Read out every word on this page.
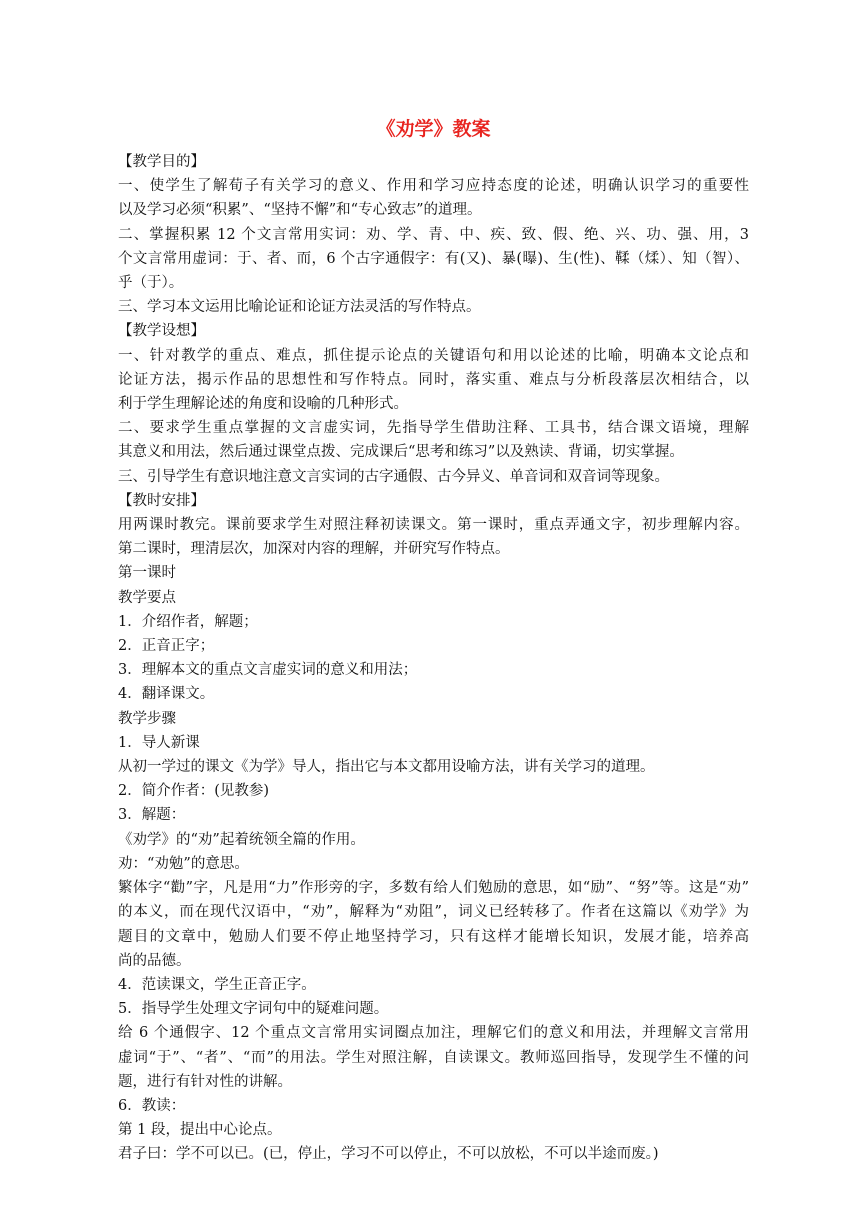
《劝学》教案
【教学目的】
一、使学生了解荀子有关学习的意义、作用和学习应持态度的论述，明确认识学习的重要性
以及学习必须“积累”、“坚持不懈”和“专心致志”的道理。
二、掌握积累 12 个文言常用实词：劝、学、青、中、疾、致、假、绝、兴、功、强、用，3
个文言常用虚词：于、者、而，6 个古字通假字：有(又)、暴(曝)、生(性)、鞣（煣）、知（智）、
乎（于）。
三、学习本文运用比喻论证和论证方法灵活的写作特点。
【教学设想】
一、针对教学的重点、难点，抓住提示论点的关键语句和用以论述的比喻，明确本文论点和
论证方法，揭示作品的思想性和写作特点。同时，落实重、难点与分析段落层次相结合，以
利于学生理解论述的角度和设喻的几种形式。
二、要求学生重点掌握的文言虚实词，先指导学生借助注释、工具书，结合课文语境，理解
其意义和用法，然后通过课堂点拨、完成课后“思考和练习”以及熟读、背诵，切实掌握。
三、引导学生有意识地注意文言实词的古字通假、古今异义、单音词和双音词等现象。
【教时安排】
用两课时教完。课前要求学生对照注释初读课文。第一课时，重点弄通文字，初步理解内容。
第二课时，理清层次，加深对内容的理解，并研究写作特点。
第一课时
教学要点
1．介绍作者，解题；
2．正音正字；
3．理解本文的重点文言虚实词的意义和用法；
4．翻译课文。
教学步骤
1．导人新课
从初一学过的课文《为学》导人，指出它与本文都用设喻方法，讲有关学习的道理。
2．简介作者：(见教参)
3．解题：
《劝学》的“劝”起着统领全篇的作用。
劝：“劝勉”的意思。
繁体字“勸”字，凡是用“力”作形旁的字，多数有给人们勉励的意思，如“励”、“努”等。这是“劝”
的本义，而在现代汉语中，“劝”，解释为“劝阻”，词义已经转移了。作者在这篇以《劝学》为
题目的文章中，勉励人们要不停止地坚持学习，只有这样才能增长知识，发展才能，培养高
尚的品德。
4．范读课文，学生正音正字。
5．指导学生处理文字词句中的疑难问题。
给 6 个通假字、12 个重点文言常用实词圈点加注，理解它们的意义和用法，并理解文言常用
虚词“于”、“者”、“而”的用法。学生对照注解，自读课文。教师巡回指导，发现学生不懂的问
题，进行有针对性的讲解。
6．教读：
第 1 段，提出中心论点。
君子曰：学不可以已。(已，停止，学习不可以停止，不可以放松，不可以半途而废。)
